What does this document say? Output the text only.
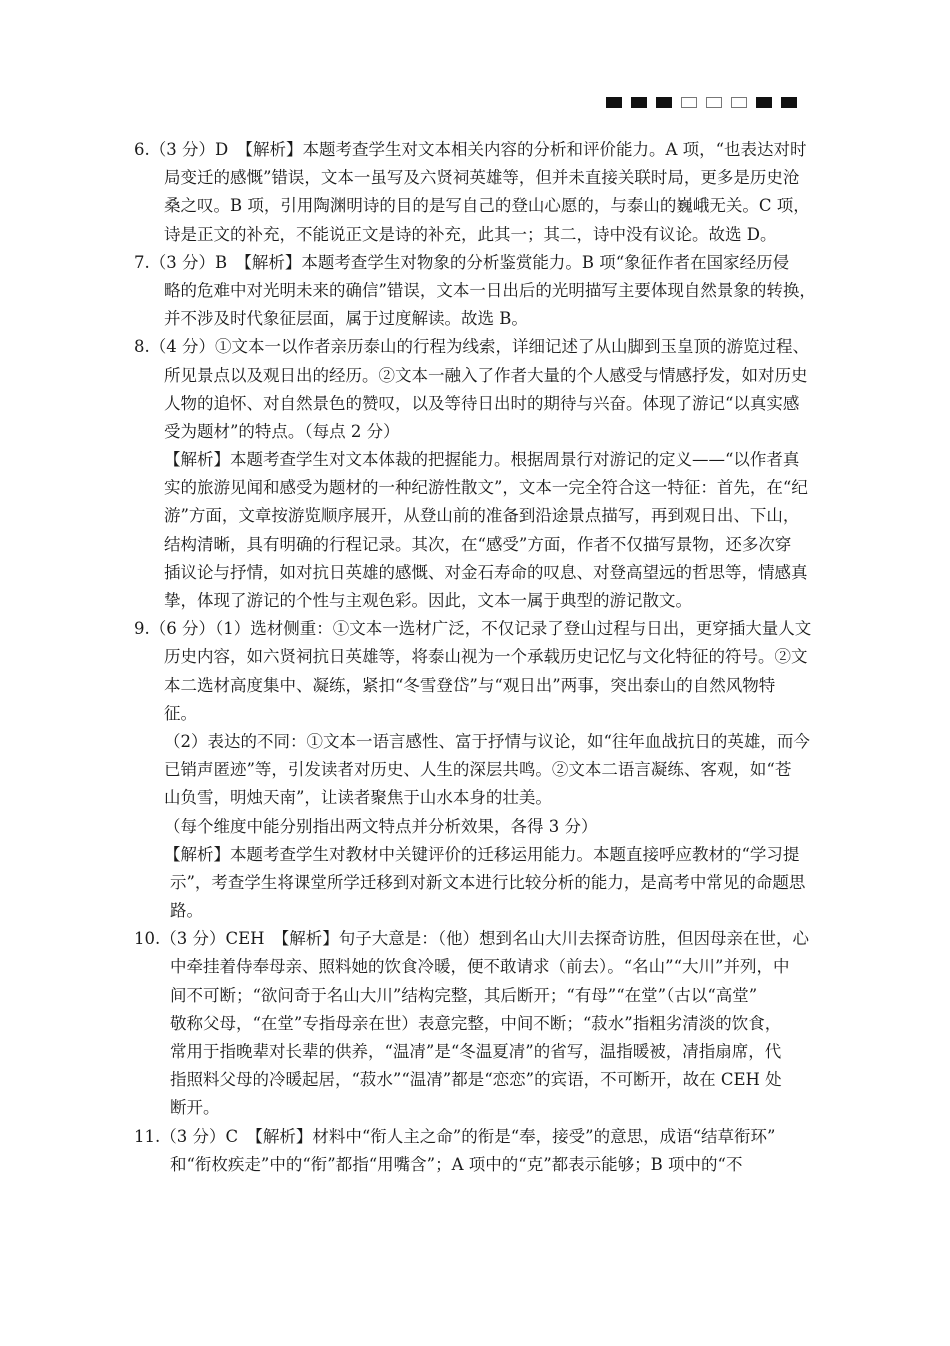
6.（3 分）D　【解析】本题考查学生对文本相关内容的分析和评价能力。A 项，“也表达对时
局变迁的感慨”错误，文本一虽写及六贤祠英雄等，但并未直接关联时局，更多是历史沧
桑之叹。B 项，引用陶渊明诗的目的是写自己的登山心愿的，与泰山的巍峨无关。C 项，
诗是正文的补充，不能说正文是诗的补充，此其一；其二，诗中没有议论。故选 D。
7.（3 分）B　【解析】本题考查学生对物象的分析鉴赏能力。B 项“象征作者在国家经历侵
略的危难中对光明未来的确信”错误，文本一日出后的光明描写主要体现自然景象的转换，
并不涉及时代象征层面，属于过度解读。故选 B。
8.（4 分）①文本一以作者亲历泰山的行程为线索，详细记述了从山脚到玉皇顶的游览过程、
所见景点以及观日出的经历。②文本一融入了作者大量的个人感受与情感抒发，如对历史
人物的追怀、对自然景色的赞叹，以及等待日出时的期待与兴奋。体现了游记“以真实感
受为题材”的特点。（每点 2 分）
【解析】本题考查学生对文本体裁的把握能力。根据周景行对游记的定义——“以作者真
实的旅游见闻和感受为题材的一种纪游性散文”，文本一完全符合这一特征：首先，在“纪
游”方面，文章按游览顺序展开，从登山前的准备到沿途景点描写，再到观日出、下山，
结构清晰，具有明确的行程记录。其次，在“感受”方面，作者不仅描写景物，还多次穿
插议论与抒情，如对抗日英雄的感慨、对金石寿命的叹息、对登高望远的哲思等，情感真
挚，体现了游记的个性与主观色彩。因此，文本一属于典型的游记散文。
9.（6 分）（1）选材侧重：①文本一选材广泛，不仅记录了登山过程与日出，更穿插大量人文
历史内容，如六贤祠抗日英雄等，将泰山视为一个承载历史记忆与文化特征的符号。②文
本二选材高度集中、凝练，紧扣“冬雪登岱”与“观日出”两事，突出泰山的自然风物特
征。
（2）表达的不同：①文本一语言感性、富于抒情与议论，如“往年血战抗日的英雄，而今
已销声匿迹”等，引发读者对历史、人生的深层共鸣。②文本二语言凝练、客观，如“苍
山负雪，明烛天南”，让读者聚焦于山水本身的壮美。
（每个维度中能分别指出两文特点并分析效果，各得 3 分）
【解析】本题考查学生对教材中关键评价的迁移运用能力。本题直接呼应教材的“学习提
示”，考查学生将课堂所学迁移到对新文本进行比较分析的能力，是高考中常见的命题思
路。
10.（3 分）CEH　【解析】句子大意是：（他）想到名山大川去探奇访胜，但因母亲在世，心
中牵挂着侍奉母亲、照料她的饮食冷暖，便不敢请求（前去）。“名山”“大川”并列，中
间不可断；“欲问奇于名山大川”结构完整，其后断开；“有母”“在堂”（古以“高堂”
敬称父母，“在堂”专指母亲在世）表意完整，中间不断；“菽水”指粗劣清淡的饮食，
常用于指晚辈对长辈的供养，“温凊”是“冬温夏凊”的省写，温指暖被，凊指扇席，代
指照料父母的冷暖起居，“菽水”“温凊”都是“恋恋”的宾语，不可断开，故在 CEH 处
断开。
11.（3 分）C　【解析】材料中“衔人主之命”的衔是“奉，接受”的意思，成语“结草衔环”
和“衔枚疾走”中的“衔”都指“用嘴含”；A 项中的“克”都表示能够；B 项中的“不
